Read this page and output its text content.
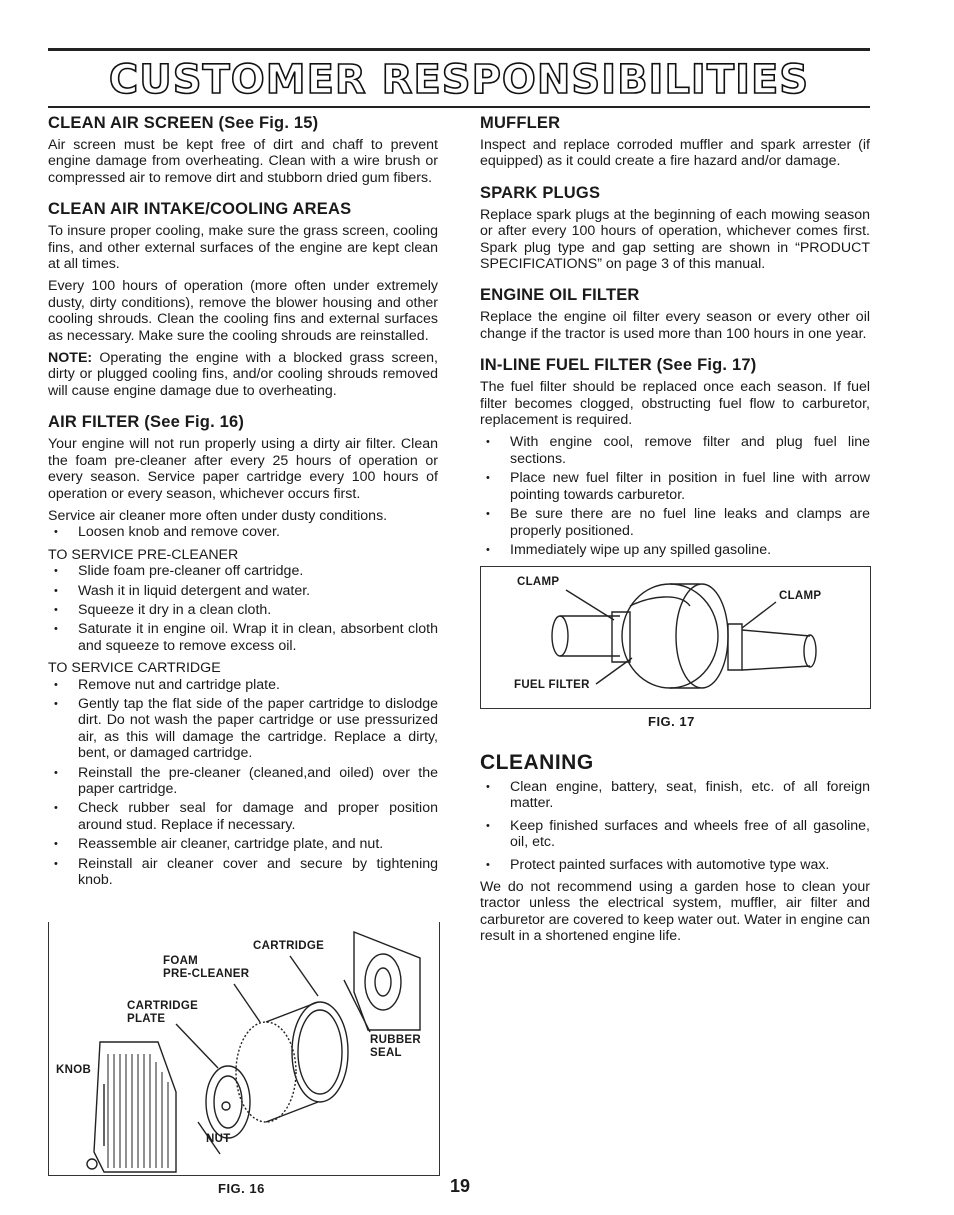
CUSTOMER RESPONSIBILITIES
CLEAN AIR SCREEN (See Fig. 15)

Air screen must be kept free of dirt and chaff to prevent engine damage from overheating. Clean with a wire brush or compressed air to remove dirt and stubborn dried gum fibers.

CLEAN AIR INTAKE/COOLING AREAS

To insure proper cooling, make sure the grass screen, cooling fins, and other external surfaces of the engine are kept clean at all times.

Every 100 hours of operation (more often under extremely dusty, dirty conditions), remove the blower housing and other cooling shrouds. Clean the cooling fins and external surfaces as necessary. Make sure the cooling shrouds are reinstalled.

NOTE: Operating the engine with a blocked grass screen, dirty or plugged cooling fins, and/or cooling shrouds removed will cause engine damage due to overheating.

AIR FILTER (See Fig. 16)

Your engine will not run properly using a dirty air filter. Clean the foam pre-cleaner after every 25 hours of operation or every season. Service paper cartridge every 100 hours of operation or every season, whichever occurs first.

Service air cleaner more often under dusty conditions.

• Loosen knob and remove cover.

TO SERVICE PRE-CLEANER

• Slide foam pre-cleaner off cartridge.
• Wash it in liquid detergent and water.
• Squeeze it dry in a clean cloth.
• Saturate it in engine oil. Wrap it in clean, absorbent cloth and squeeze to remove excess oil.

TO SERVICE CARTRIDGE

• Remove nut and cartridge plate.
• Gently tap the flat side of the paper cartridge to dislodge dirt. Do not wash the paper cartridge or use pressurized air, as this will damage the cartridge. Replace a dirty, bent, or damaged cartridge.
• Reinstall the pre-cleaner (cleaned,and oiled) over the paper cartridge.
• Check rubber seal for damage and proper position around stud. Replace if necessary.
• Reassemble air cleaner, cartridge plate, and nut.
• Reinstall air cleaner cover and secure by tightening knob.
CARTRIDGE
FOAM
PRE-CLEANER
CARTRIDGE
PLATE
RUBBER
SEAL
KNOB
NUT
FIG. 16	19
MUFFLER

Inspect and replace corroded muffler and spark arrester (if equipped) as it could create a fire hazard and/or damage.

SPARK PLUGS

Replace spark plugs at the beginning of each mowing season or after every 100 hours of operation, whichever comes first. Spark plug type and gap setting are shown in “PRODUCT SPECIFICATIONS” on page 3 of this manual.

ENGINE OIL FILTER

Replace the engine oil filter every season or every other oil change if the tractor is used more than 100 hours in one year.

IN-LINE FUEL FILTER (See Fig. 17)

The fuel filter should be replaced once each season. If fuel filter becomes clogged, obstructing fuel flow to carburetor, replacement is required.

• With engine cool, remove filter and plug fuel line sections.
• Place new fuel filter in position in fuel line with arrow pointing towards carburetor.
• Be sure there are no fuel line leaks and clamps are properly positioned.
• Immediately wipe up any spilled gasoline.
CLAMP
CLAMP
FUEL FILTER
FIG. 17
CLEANING
• Clean engine, battery, seat, finish, etc. of all foreign matter.
• Keep finished surfaces and wheels free of all gasoline, oil, etc.
• Protect painted surfaces with automotive type wax.

We do not recommend using a garden hose to clean your tractor unless the electrical system, muffler, air filter and carburetor are covered to keep water out. Water in engine can result in a shortened engine life.
